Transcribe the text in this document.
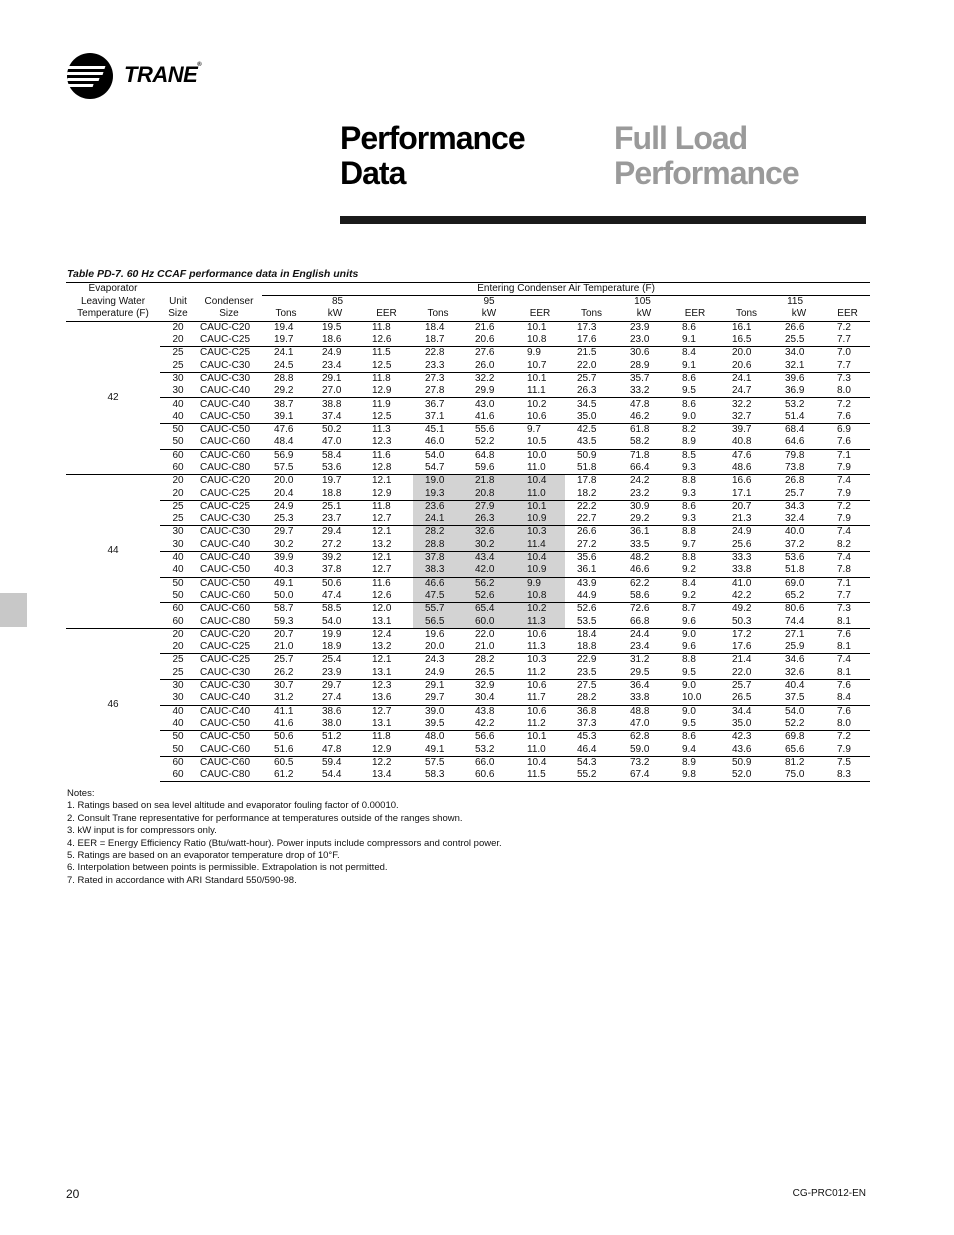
TRANE®
Performance Data
Full Load Performance
Table PD-7. 60 Hz CCAF performance data in English units
Evaporator			Entering Condenser Air Temperature (F)											
Leaving Water	Unit	Condenser	85			95			105			115		
Temperature (F)	Size	Size	Tons	kW	EER	Tons	kW	EER	Tons	kW	EER	Tons	kW	EER
42	20	CAUC-C20	19.4	19.5	11.8	18.4	21.6	10.1	17.3	23.9	8.6	16.1	26.6	7.2
	20	CAUC-C25	19.7	18.6	12.6	18.7	20.6	10.8	17.6	23.0	9.1	16.5	25.5	7.7
	25	CAUC-C25	24.1	24.9	11.5	22.8	27.6	9.9	21.5	30.6	8.4	20.0	34.0	7.0
	25	CAUC-C30	24.5	23.4	12.5	23.3	26.0	10.7	22.0	28.9	9.1	20.6	32.1	7.7
	30	CAUC-C30	28.8	29.1	11.8	27.3	32.2	10.1	25.7	35.7	8.6	24.1	39.6	7.3
	30	CAUC-C40	29.2	27.0	12.9	27.8	29.9	11.1	26.3	33.2	9.5	24.7	36.9	8.0
	40	CAUC-C40	38.7	38.8	11.9	36.7	43.0	10.2	34.5	47.8	8.6	32.2	53.2	7.2
	40	CAUC-C50	39.1	37.4	12.5	37.1	41.6	10.6	35.0	46.2	9.0	32.7	51.4	7.6
	50	CAUC-C50	47.6	50.2	11.3	45.1	55.6	9.7	42.5	61.8	8.2	39.7	68.4	6.9
	50	CAUC-C60	48.4	47.0	12.3	46.0	52.2	10.5	43.5	58.2	8.9	40.8	64.6	7.6
	60	CAUC-C60	56.9	58.4	11.6	54.0	64.8	10.0	50.9	71.8	8.5	47.6	79.8	7.1
	60	CAUC-C80	57.5	53.6	12.8	54.7	59.6	11.0	51.8	66.4	9.3	48.6	73.8	7.9
44	20	CAUC-C20	20.0	19.7	12.1	19.0	21.8	10.4	17.8	24.2	8.8	16.6	26.8	7.4
	20	CAUC-C25	20.4	18.8	12.9	19.3	20.8	11.0	18.2	23.2	9.3	17.1	25.7	7.9
	25	CAUC-C25	24.9	25.1	11.8	23.6	27.9	10.1	22.2	30.9	8.6	20.7	34.3	7.2
	25	CAUC-C30	25.3	23.7	12.7	24.1	26.3	10.9	22.7	29.2	9.3	21.3	32.4	7.9
	30	CAUC-C30	29.7	29.4	12.1	28.2	32.6	10.3	26.6	36.1	8.8	24.9	40.0	7.4
	30	CAUC-C40	30.2	27.2	13.2	28.8	30.2	11.4	27.2	33.5	9.7	25.6	37.2	8.2
	40	CAUC-C40	39.9	39.2	12.1	37.8	43.4	10.4	35.6	48.2	8.8	33.3	53.6	7.4
	40	CAUC-C50	40.3	37.8	12.7	38.3	42.0	10.9	36.1	46.6	9.2	33.8	51.8	7.8
	50	CAUC-C50	49.1	50.6	11.6	46.6	56.2	9.9	43.9	62.2	8.4	41.0	69.0	7.1
	50	CAUC-C60	50.0	47.4	12.6	47.5	52.6	10.8	44.9	58.6	9.2	42.2	65.2	7.7
	60	CAUC-C60	58.7	58.5	12.0	55.7	65.4	10.2	52.6	72.6	8.7	49.2	80.6	7.3
	60	CAUC-C80	59.3	54.0	13.1	56.5	60.0	11.3	53.5	66.8	9.6	50.3	74.4	8.1
46	20	CAUC-C20	20.7	19.9	12.4	19.6	22.0	10.6	18.4	24.4	9.0	17.2	27.1	7.6
	20	CAUC-C25	21.0	18.9	13.2	20.0	21.0	11.3	18.8	23.4	9.6	17.6	25.9	8.1
	25	CAUC-C25	25.7	25.4	12.1	24.3	28.2	10.3	22.9	31.2	8.8	21.4	34.6	7.4
	25	CAUC-C30	26.2	23.9	13.1	24.9	26.5	11.2	23.5	29.5	9.5	22.0	32.6	8.1
	30	CAUC-C30	30.7	29.7	12.3	29.1	32.9	10.6	27.5	36.4	9.0	25.7	40.4	7.6
	30	CAUC-C40	31.2	27.4	13.6	29.7	30.4	11.7	28.2	33.8	10.0	26.5	37.5	8.4
	40	CAUC-C40	41.1	38.6	12.7	39.0	43.8	10.6	36.8	48.8	9.0	34.4	54.0	7.6
	40	CAUC-C50	41.6	38.0	13.1	39.5	42.2	11.2	37.3	47.0	9.5	35.0	52.2	8.0
	50	CAUC-C50	50.6	51.2	11.8	48.0	56.6	10.1	45.3	62.8	8.6	42.3	69.8	7.2
	50	CAUC-C60	51.6	47.8	12.9	49.1	53.2	11.0	46.4	59.0	9.4	43.6	65.6	7.9
	60	CAUC-C60	60.5	59.4	12.2	57.5	66.0	10.4	54.3	73.2	8.9	50.9	81.2	7.5
	60	CAUC-C80	61.2	54.4	13.4	58.3	60.6	11.5	55.2	67.4	9.8	52.0	75.0	8.3
Notes:
1. Ratings based on sea level altitude and evaporator fouling factor of 0.00010.
2. Consult Trane representative for performance at temperatures outside of the ranges shown.
3. kW input is for compressors only.
4. EER = Energy Efficiency Ratio (Btu/watt-hour). Power inputs include compressors and control power.
5. Ratings are based on an evaporator temperature drop of 10°F.
6. Interpolation between points is permissible. Extrapolation is not permitted.
7. Rated in accordance with ARI Standard 550/590-98.
20	CG-PRC012-EN
